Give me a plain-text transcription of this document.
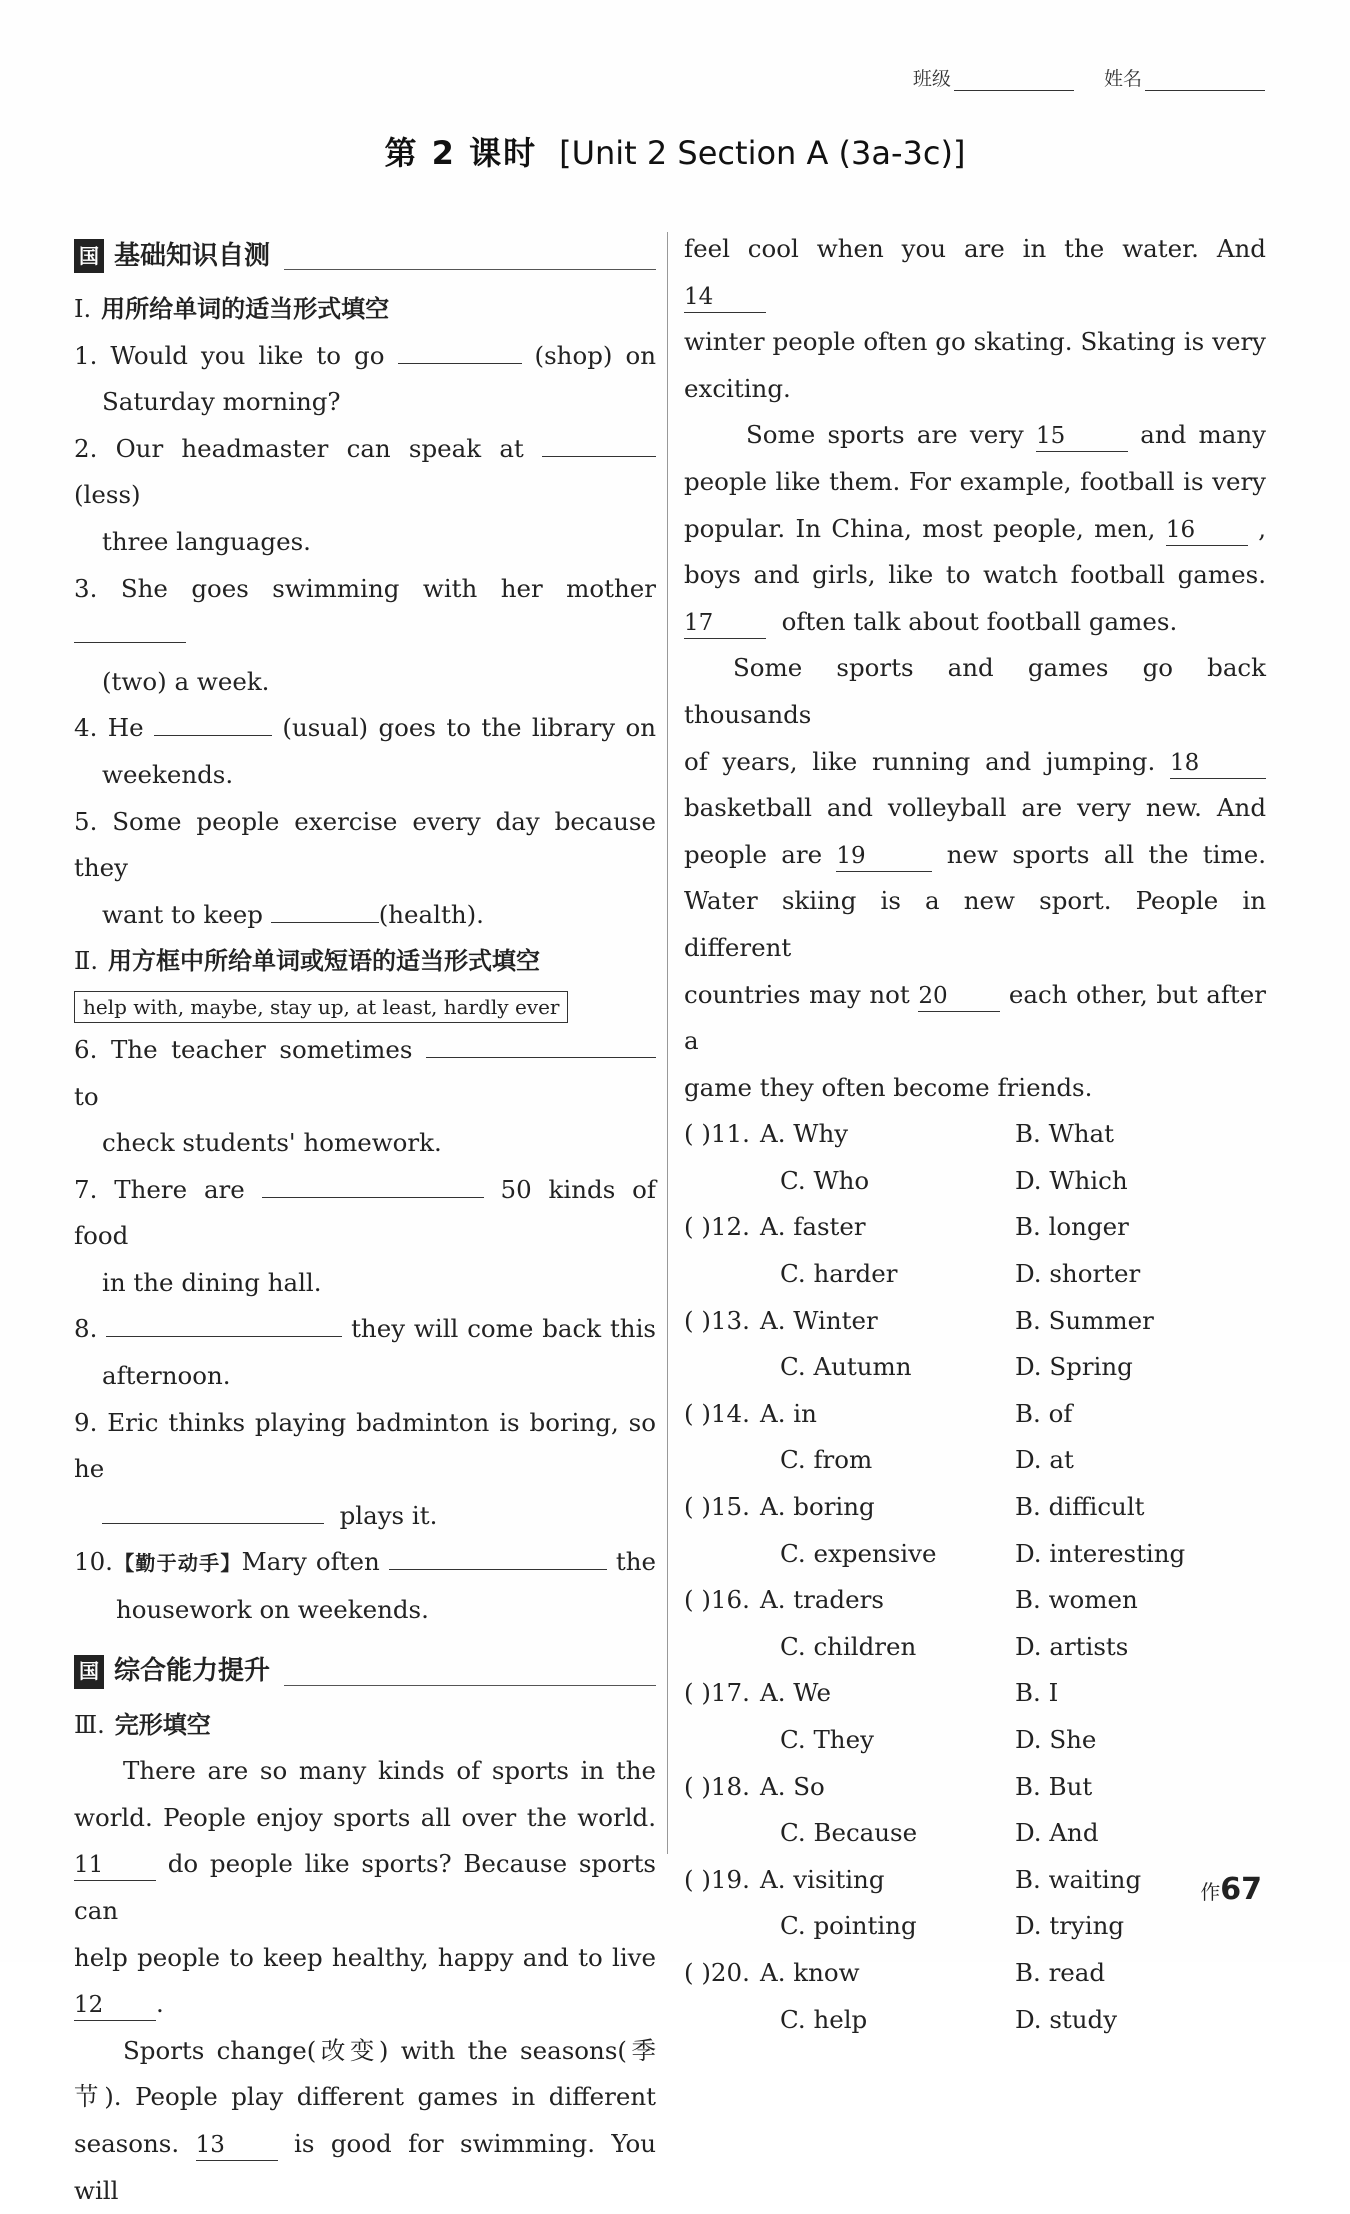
班级	姓名
第 2 课时 [Unit 2 Section A (3a-3c)]
国 基础知识自测
Ⅰ. 用所给单词的适当形式填空
1. Would you like to go	(shop) on
Saturday morning?
2. Our headmaster can speak at (less)
three languages.
3. She goes swimming with her mother
(two) a week.
4. He	(usual) goes to the library on
weekends.
5. Some people exercise every day because they
want to keep	(health).
Ⅱ. 用方框中所给单词或短语的适当形式填空
help with, maybe, stay up, at least, hardly ever
6. The teacher sometimes  to
check students' homework.
7. There are	50 kinds of food
in the dining hall.
8.	they will come back this
afternoon.
9. Eric thinks playing badminton is boring, so he
plays it.
10.【勤于动手】Mary often	the
housework on weekends.
国 综合能力提升
Ⅲ. 完形填空
There are so many kinds of sports in the
world. People enjoy sports all over the world.
11	do people like sports? Because sports can
help people to keep healthy, happy and to live
12 .
Sports change(改变) with the seasons(季
节). People play different games in different
seasons. 13	is good for swimming. You will
feel cool when you are in the water. And 14
winter people often go skating. Skating is very
exciting.
Some sports are very 15	and many
people like them. For example, football is very
popular. In China, most people, men, 16	,
boys and girls, like to watch football games.
17	often talk about football games.
Some sports and games go back thousands
of years, like running and jumping. 18
basketball and volleyball are very new. And
people are 19	new sports all the time.
Water skiing is a new sport. People in different
countries may not 20	each other, but after a
game they often become friends.
( )11. A. Why	B. What
C. Who	D. Which
( )12. A. faster	B. longer
C. harder	D. shorter
( )13. A. Winter	B. Summer
C. Autumn	D. Spring
( )14. A. in	B. of
C. from	D. at
( )15. A. boring	B. difficult
C. expensive	D. interesting
( )16. A. traders	B. women
C. children	D. artists
( )17. A. We	B. I
C. They	D. She
( )18. A. So	B. But
C. Because	D. And
( )19. A. visiting	B. waiting
C. pointing	D. trying
( )20. A. know	B. read
C. help	D. study
作67
